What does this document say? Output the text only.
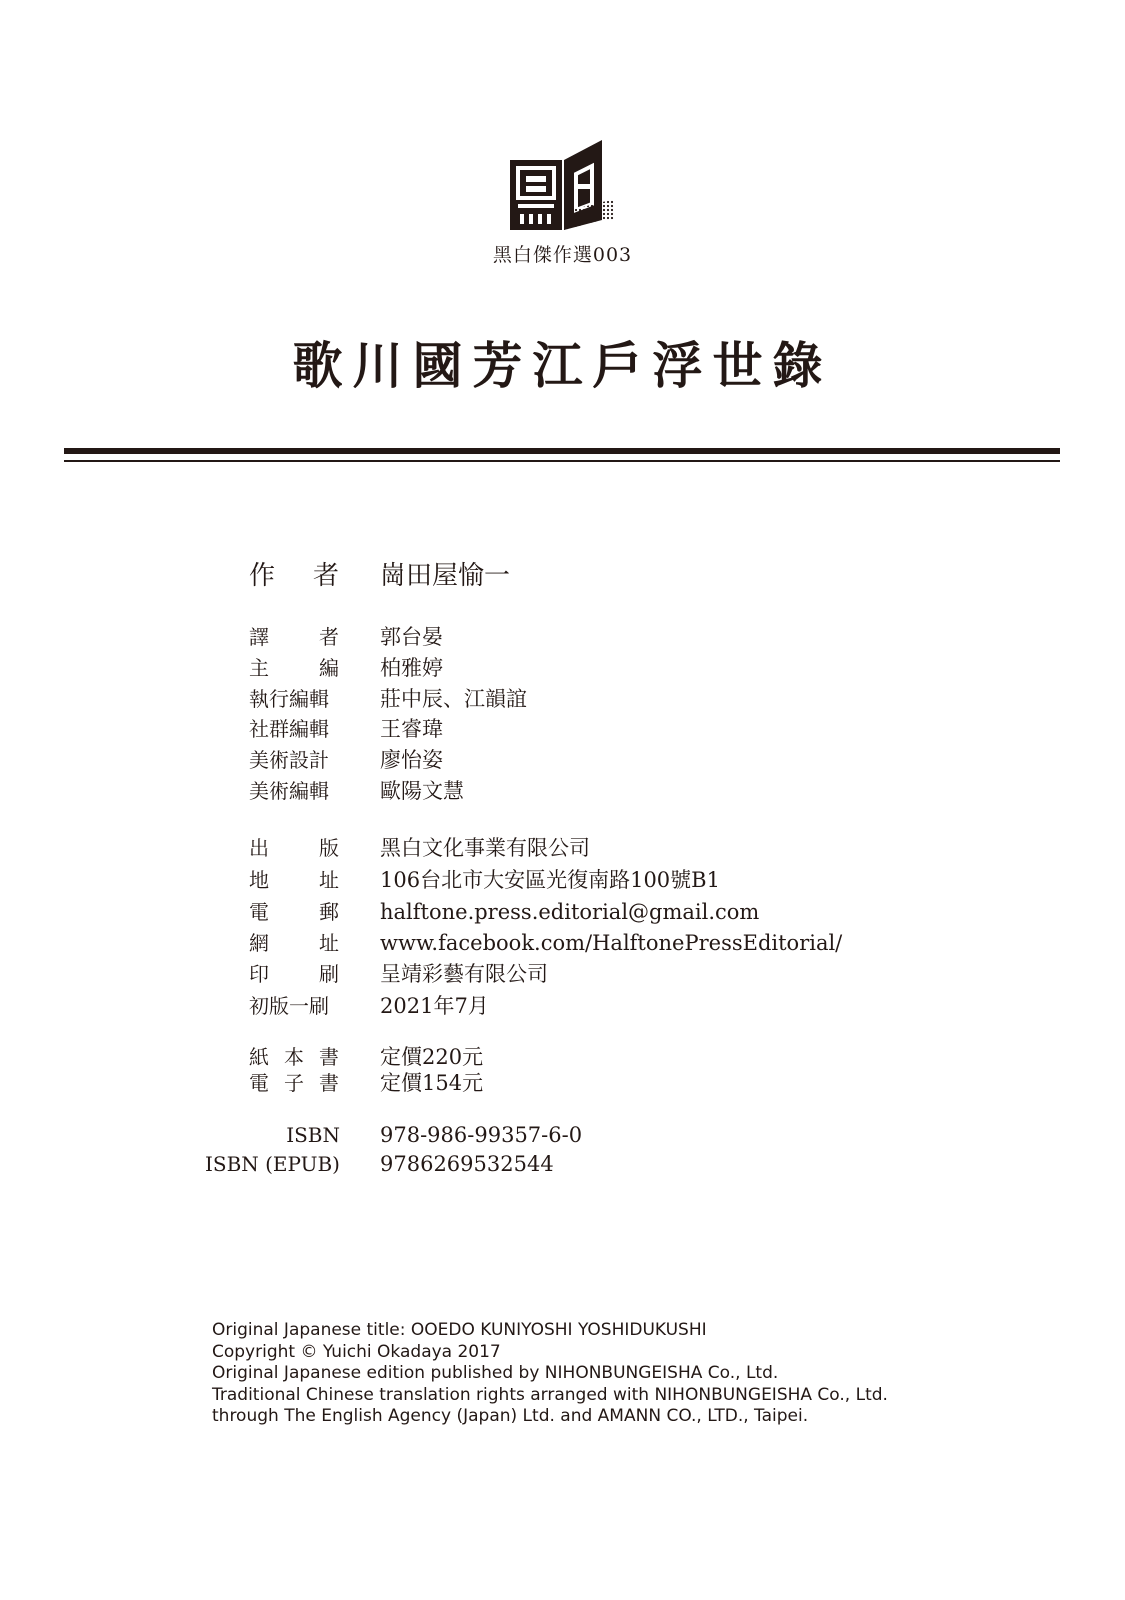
黑白傑作選003
歌川國芳江戶浮世錄
作 者 崗田屋愉一
譯	者 郭台晏
主	編 柏雅婷
執行編輯 莊中辰、江韻誼
社群編輯 王睿瑋
美術設計 廖怡姿
美術編輯 歐陽文慧
出	版 黑白文化事業有限公司
地	址 106台北市大安區光復南路100號B1
電	郵 halftone.press.editorial@gmail.com
網	址 www.facebook.com/HalftonePressEditorial/
印	刷 呈靖彩藝有限公司
初版一刷 2021年7月
紙 本 書 定價220元
電 子 書 定價154元
ISBN 978-986-99357-6-0
ISBN (EPUB) 9786269532544
Original Japanese title: OOEDO KUNIYOSHI YOSHIDUKUSHI
Copyright © Yuichi Okadaya 2017
Original Japanese edition published by NIHONBUNGEISHA Co., Ltd.
Traditional Chinese translation rights arranged with NIHONBUNGEISHA Co., Ltd.
through The English Agency (Japan) Ltd. and AMANN CO., LTD., Taipei.
